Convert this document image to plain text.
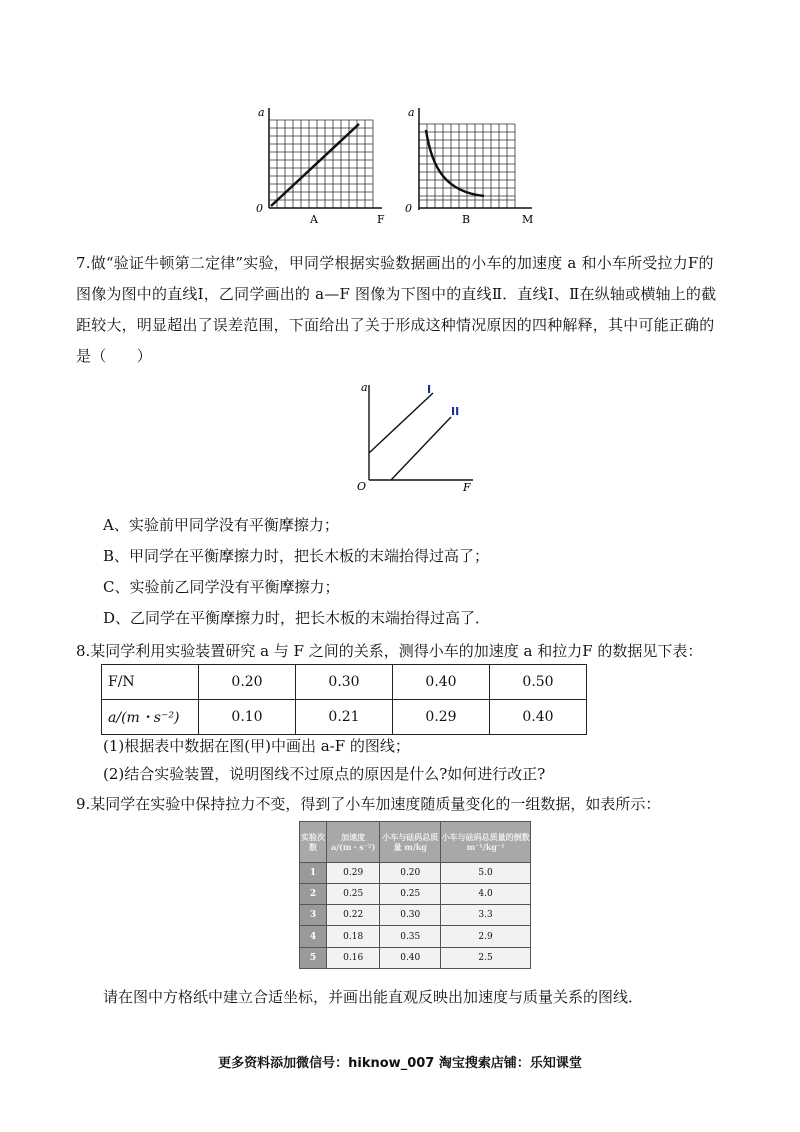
a
0
A	F
a
0
B	M
7.做“验证牛顿第二定律”实验，甲同学根据实验数据画出的小车的加速度 a 和小车所受拉力F的图像为图中的直线Ⅰ，乙同学画出的 a—F 图像为下图中的直线Ⅱ．直线Ⅰ、Ⅱ在纵轴或横轴上的截距较大，明显超出了误差范围，下面给出了关于形成这种情况原因的四种解释，其中可能正确的是（　　）
a
O	F
I
II
A、实验前甲同学没有平衡摩擦力；
B、甲同学在平衡摩擦力时，把长木板的末端抬得过高了；
C、实验前乙同学没有平衡摩擦力；
D、乙同学在平衡摩擦力时，把长木板的末端抬得过高了．
8.某同学利用实验装置研究 a 与 F 之间的关系，测得小车的加速度 a 和拉力F 的数据见下表：
F/N	0.20	0.30	0.40	0.50
a/(m・s⁻²)	0.10	0.21	0.29	0.40
(1)根据表中数据在图(甲)中画出 a-F 的图线；
(2)结合实验装置，说明图线不过原点的原因是什么?如何进行改正?
9.某同学在实验中保持拉力不变，得到了小车加速度随质量变化的一组数据，如表所示：
实验次数	加速度 a/(m・s⁻²)	小车与砝码总质量 m/kg	小车与砝码总质量的倒数 m⁻¹/kg⁻¹
1	0.29	0.20	5.0
2	0.25	0.25	4.0
3	0.22	0.30	3.3
4	0.18	0.35	2.9
5	0.16	0.40	2.5
请在图中方格纸中建立合适坐标，并画出能直观反映出加速度与质量关系的图线．
更多资料添加微信号：hiknow_007 淘宝搜索店铺：乐知课堂
